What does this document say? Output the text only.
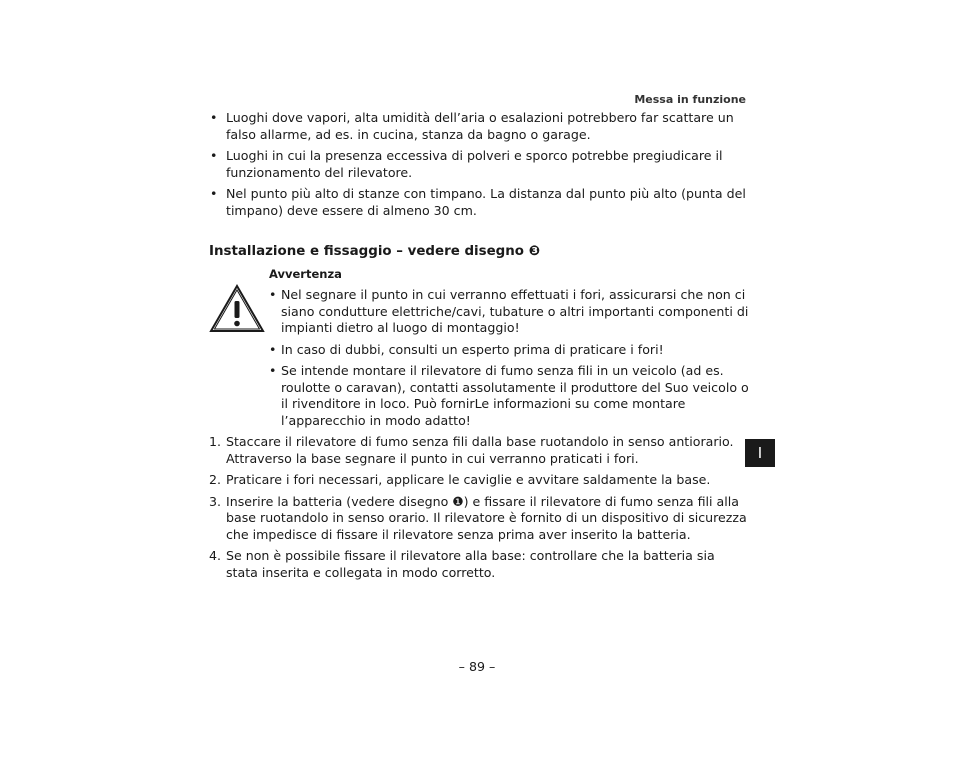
Messa in funzione
• Luoghi dove vapori, alta umidità dell’aria o esalazioni potrebbero far scattare un falso allarme, ad es. in cucina, stanza da bagno o garage.
• Luoghi in cui la presenza eccessiva di polveri e sporco potrebbe pregiudicare il funzionamento del rilevatore.
• Nel punto più alto di stanze con timpano. La distanza dal punto più alto (punta del timpano) deve essere di almeno 30 cm.
Installazione e fissaggio – vedere disegno ❸
Avvertenza
• Nel segnare il punto in cui verranno effettuati i fori, assicurarsi che non ci siano condutture elettriche/cavi, tubature o altri importanti componenti di impianti dietro al luogo di montaggio!
• In caso di dubbi, consulti un esperto prima di praticare i fori!
• Se intende montare il rilevatore di fumo senza fili in un veicolo (ad es. roulotte o caravan), contatti assolutamente il produttore del Suo veicolo o il rivenditore in loco. Può fornirLe informazioni su come montare l’apparecchio in modo adatto!
1. Staccare il rilevatore di fumo senza fili dalla base ruotandolo in senso antiorario. Attraverso la base segnare il punto in cui verranno praticati i fori.
2. Praticare i fori necessari, applicare le caviglie e avvitare saldamente la base.
3. Inserire la batteria (vedere disegno ❶) e fissare il rilevatore di fumo senza fili alla base ruotandolo in senso orario. Il rilevatore è fornito di un dispositivo di sicurezza che impedisce di fissare il rilevatore senza prima aver inserito la batteria.
4. Se non è possibile fissare il rilevatore alla base: controllare che la batteria sia stata inserita e collegata in modo corretto.
I
– 89 –
